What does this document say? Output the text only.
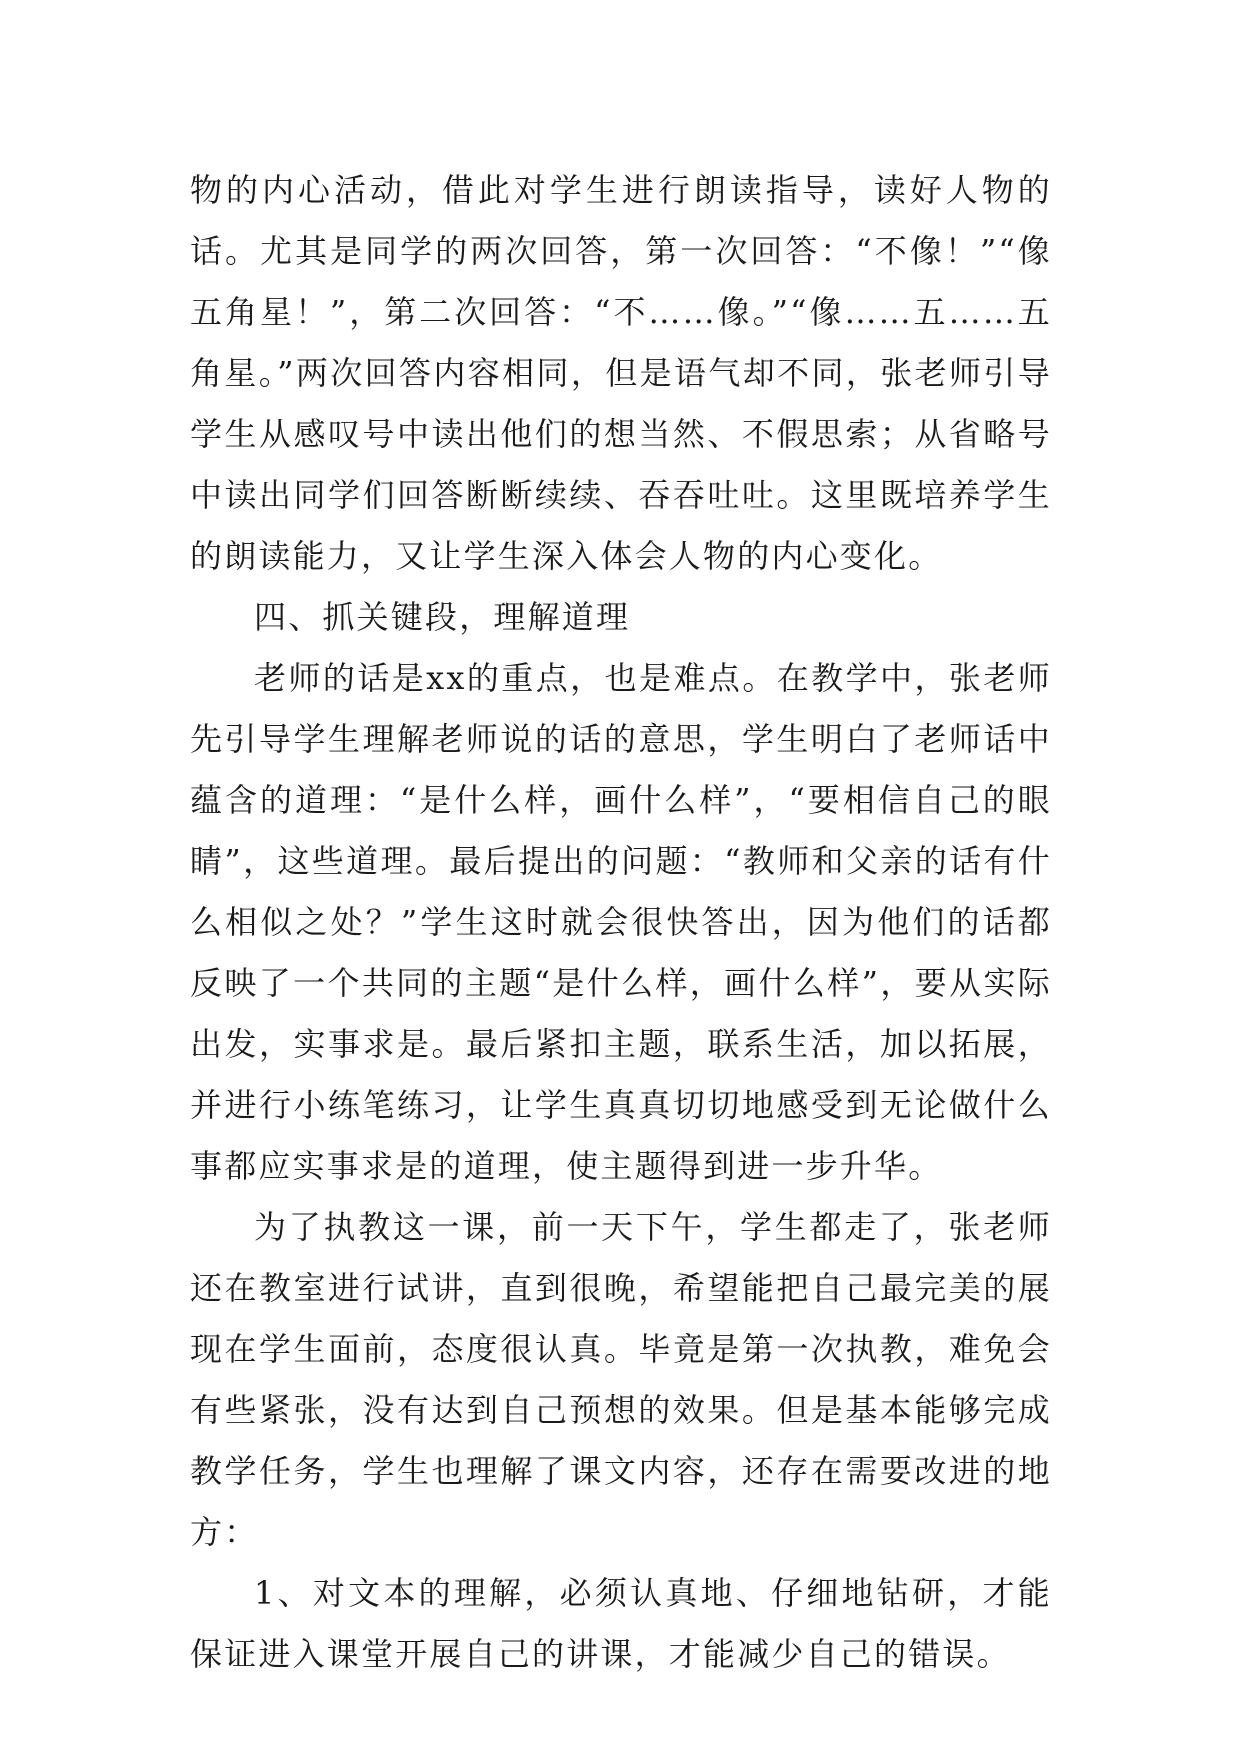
物的内心活动，借此对学生进行朗读指导，读好人物的话。尤其是同学的两次回答，第一次回答：“不像！”“像五角星！”，第二次回答：“不……像。”“像……五……五角星。”两次回答内容相同，但是语气却不同，张老师引导学生从感叹号中读出他们的想当然、不假思索；从省略号中读出同学们回答断断续续、吞吞吐吐。这里既培养学生的朗读能力，又让学生深入体会人物的内心变化。

四、抓关键段，理解道理

老师的话是xx的重点，也是难点。在教学中，张老师先引导学生理解老师说的话的意思，学生明白了老师话中蕴含的道理：“是什么样，画什么样”，“要相信自己的眼睛”，这些道理。最后提出的问题：“教师和父亲的话有什么相似之处？”学生这时就会很快答出，因为他们的话都反映了一个共同的主题“是什么样，画什么样”，要从实际出发，实事求是。最后紧扣主题，联系生活，加以拓展，并进行小练笔练习，让学生真真切切地感受到无论做什么事都应实事求是的道理，使主题得到进一步升华。

为了执教这一课，前一天下午，学生都走了，张老师还在教室进行试讲，直到很晚，希望能把自己最完美的展现在学生面前，态度很认真。毕竟是第一次执教，难免会有些紧张，没有达到自己预想的效果。但是基本能够完成教学任务，学生也理解了课文内容，还存在需要改进的地方：

1、对文本的理解，必须认真地、仔细地钻研，才能保证进入课堂开展自己的讲课，才能减少自己的错误。
